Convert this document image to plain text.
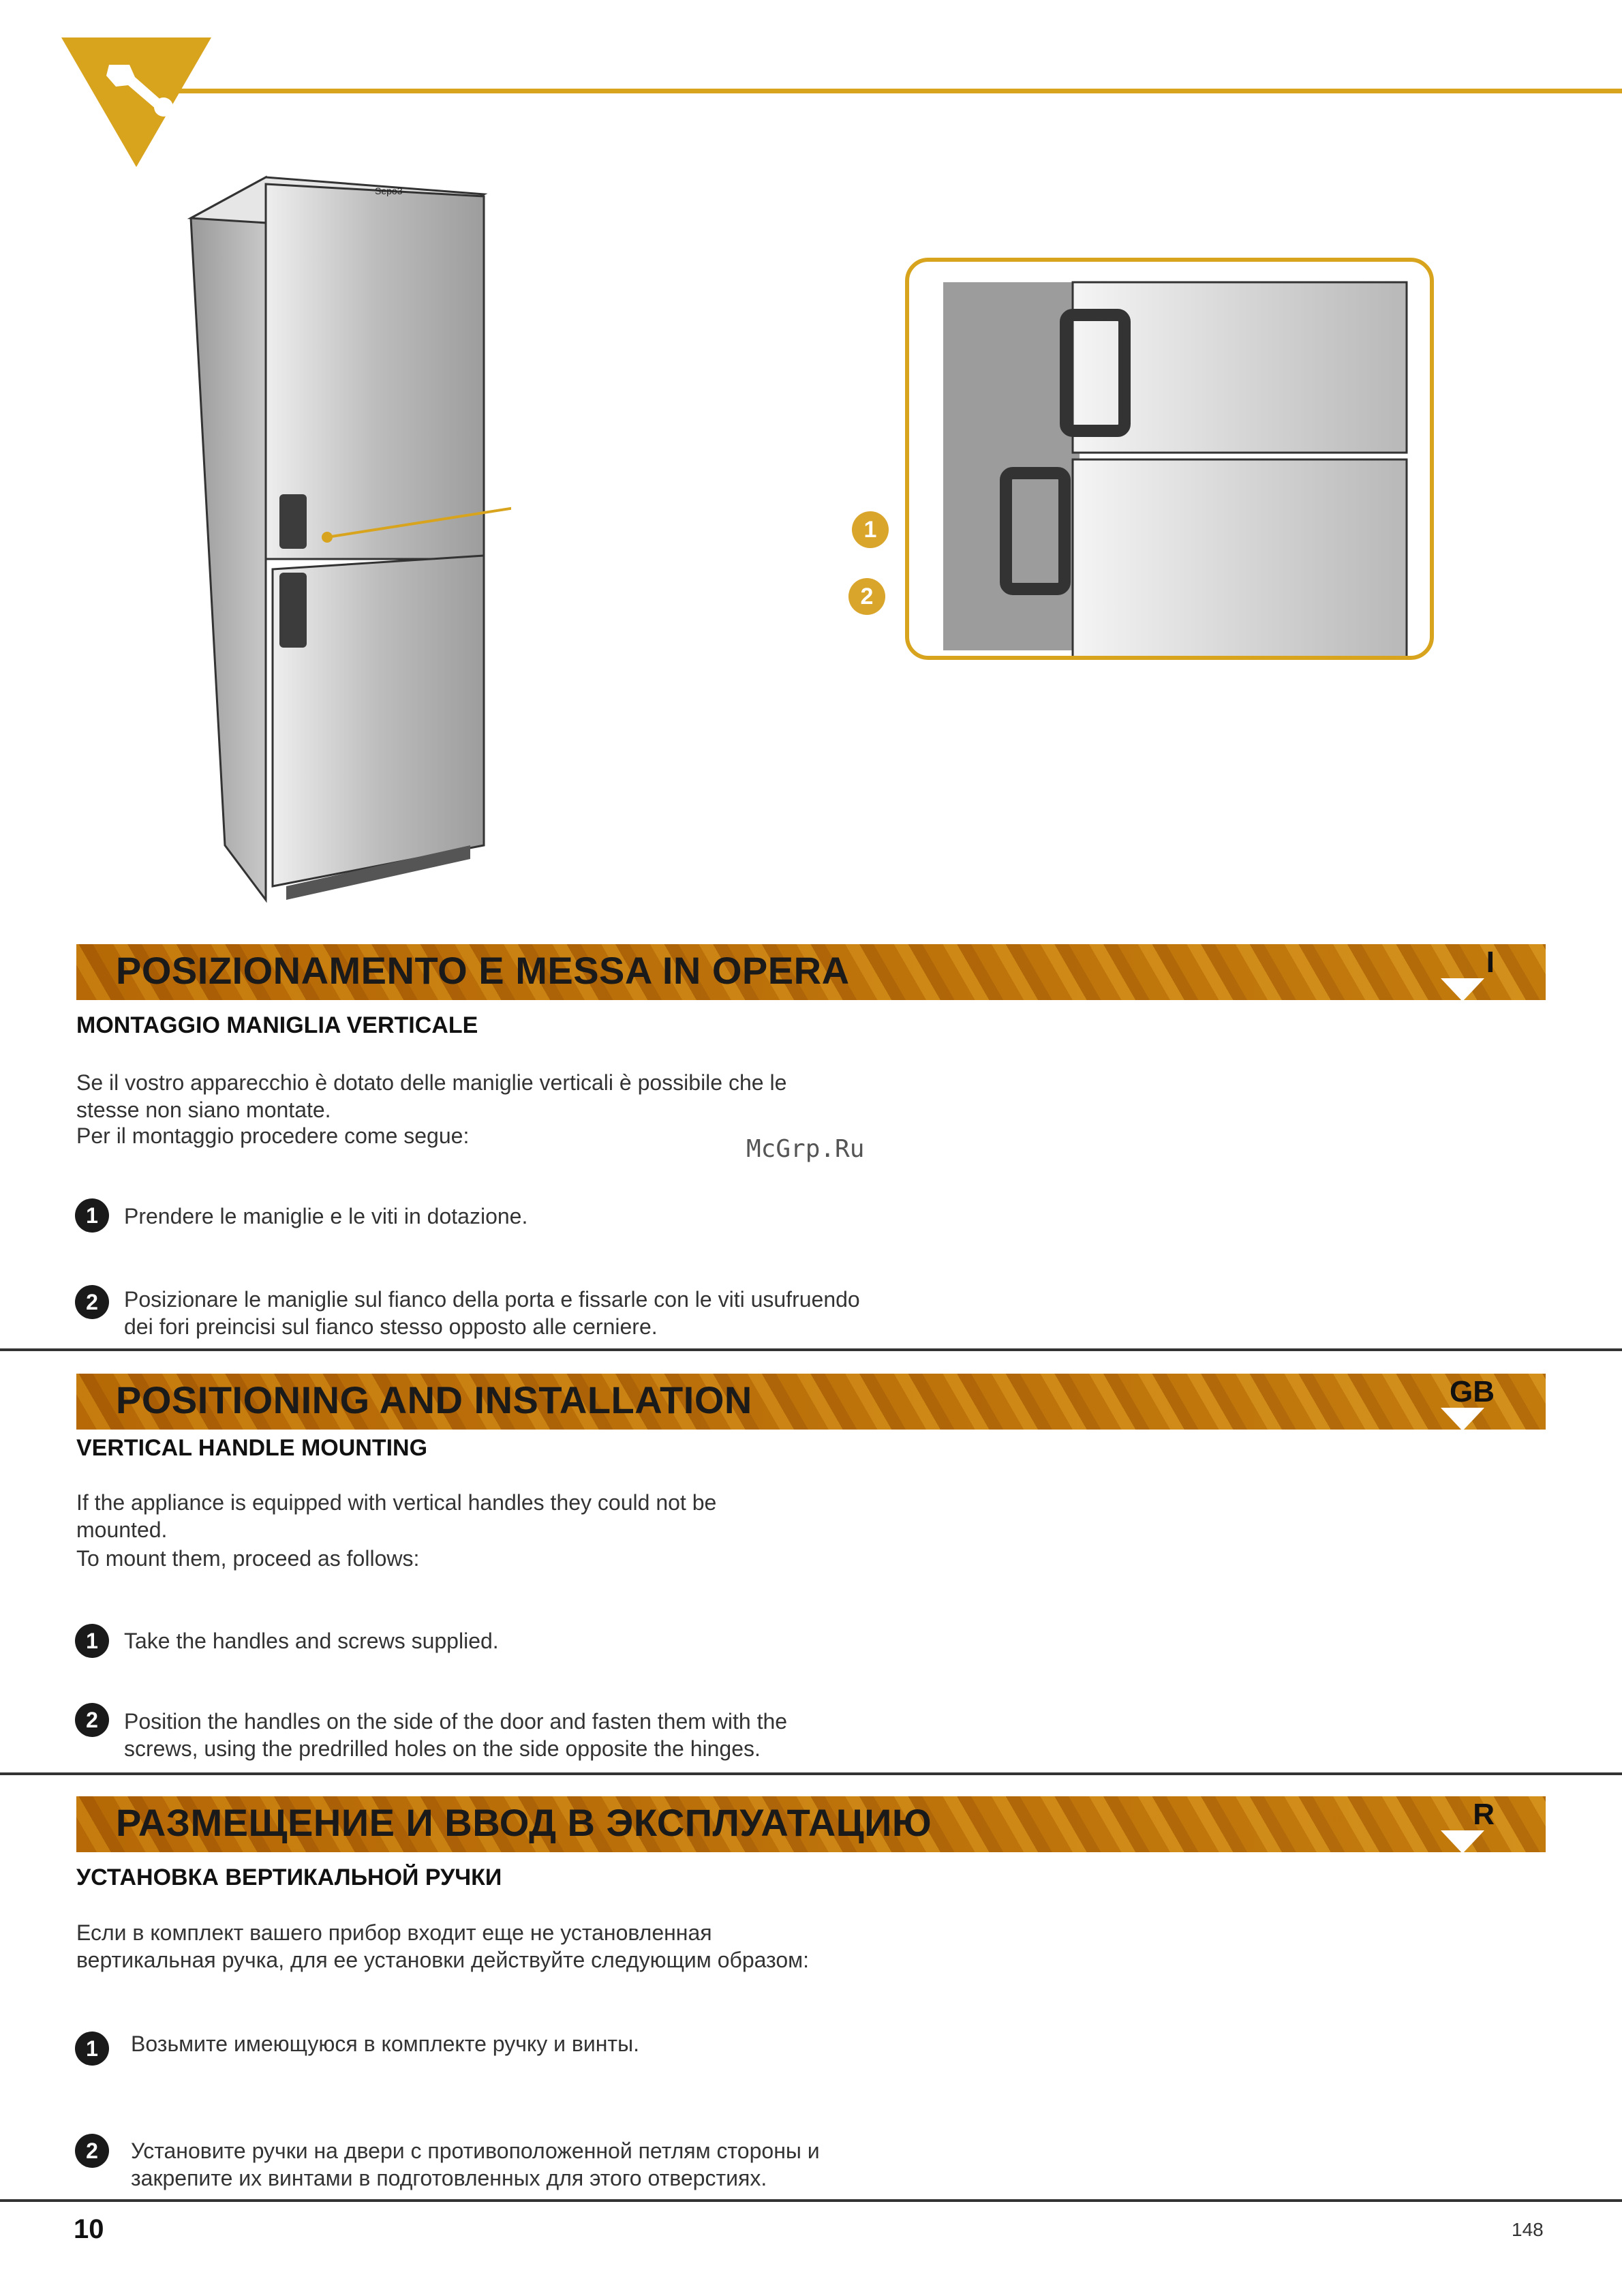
Sepo3
1
2
POSIZIONAMENTO E MESSA IN OPERA	I
MONTAGGIO MANIGLIA VERTICALE
Se il vostro apparecchio è dotato delle maniglie verticali è possibile che le stesse non siano montate.
Per il montaggio procedere come segue:
1	Prendere le maniglie e le viti in dotazione.
2	Posizionare le maniglie sul fianco della porta e fissarle con le viti usufruendo dei fori preincisi sul fianco stesso opposto alle cerniere.
POSITIONING AND INSTALLATION	GB
VERTICAL HANDLE MOUNTING
If the appliance is equipped with vertical handles they could not be mounted.
To mount them, proceed as follows:
1	Take the handles and screws supplied.
2	Position the handles on the side of the door and fasten them with the screws, using the predrilled holes on the side opposite the hinges.
РАЗМЕЩЕНИЕ И ВВОД В ЭКСПЛУАТАЦИЮ	R
УСТАНОВКА ВЕРТИКАЛЬНОЙ РУЧКИ
Если в комплект вашего прибор входит еще не установленная вертикальная ручка, для ее установки действуйте следующим образом:
1	Возьмите имеющуюся в комплекте ручку и винты.
2	Установите ручки на двери с противоположенной петлям стороны и закрепите их винтами в подготовленных для этого отверстиях.
McGrp.Ru
10	148
